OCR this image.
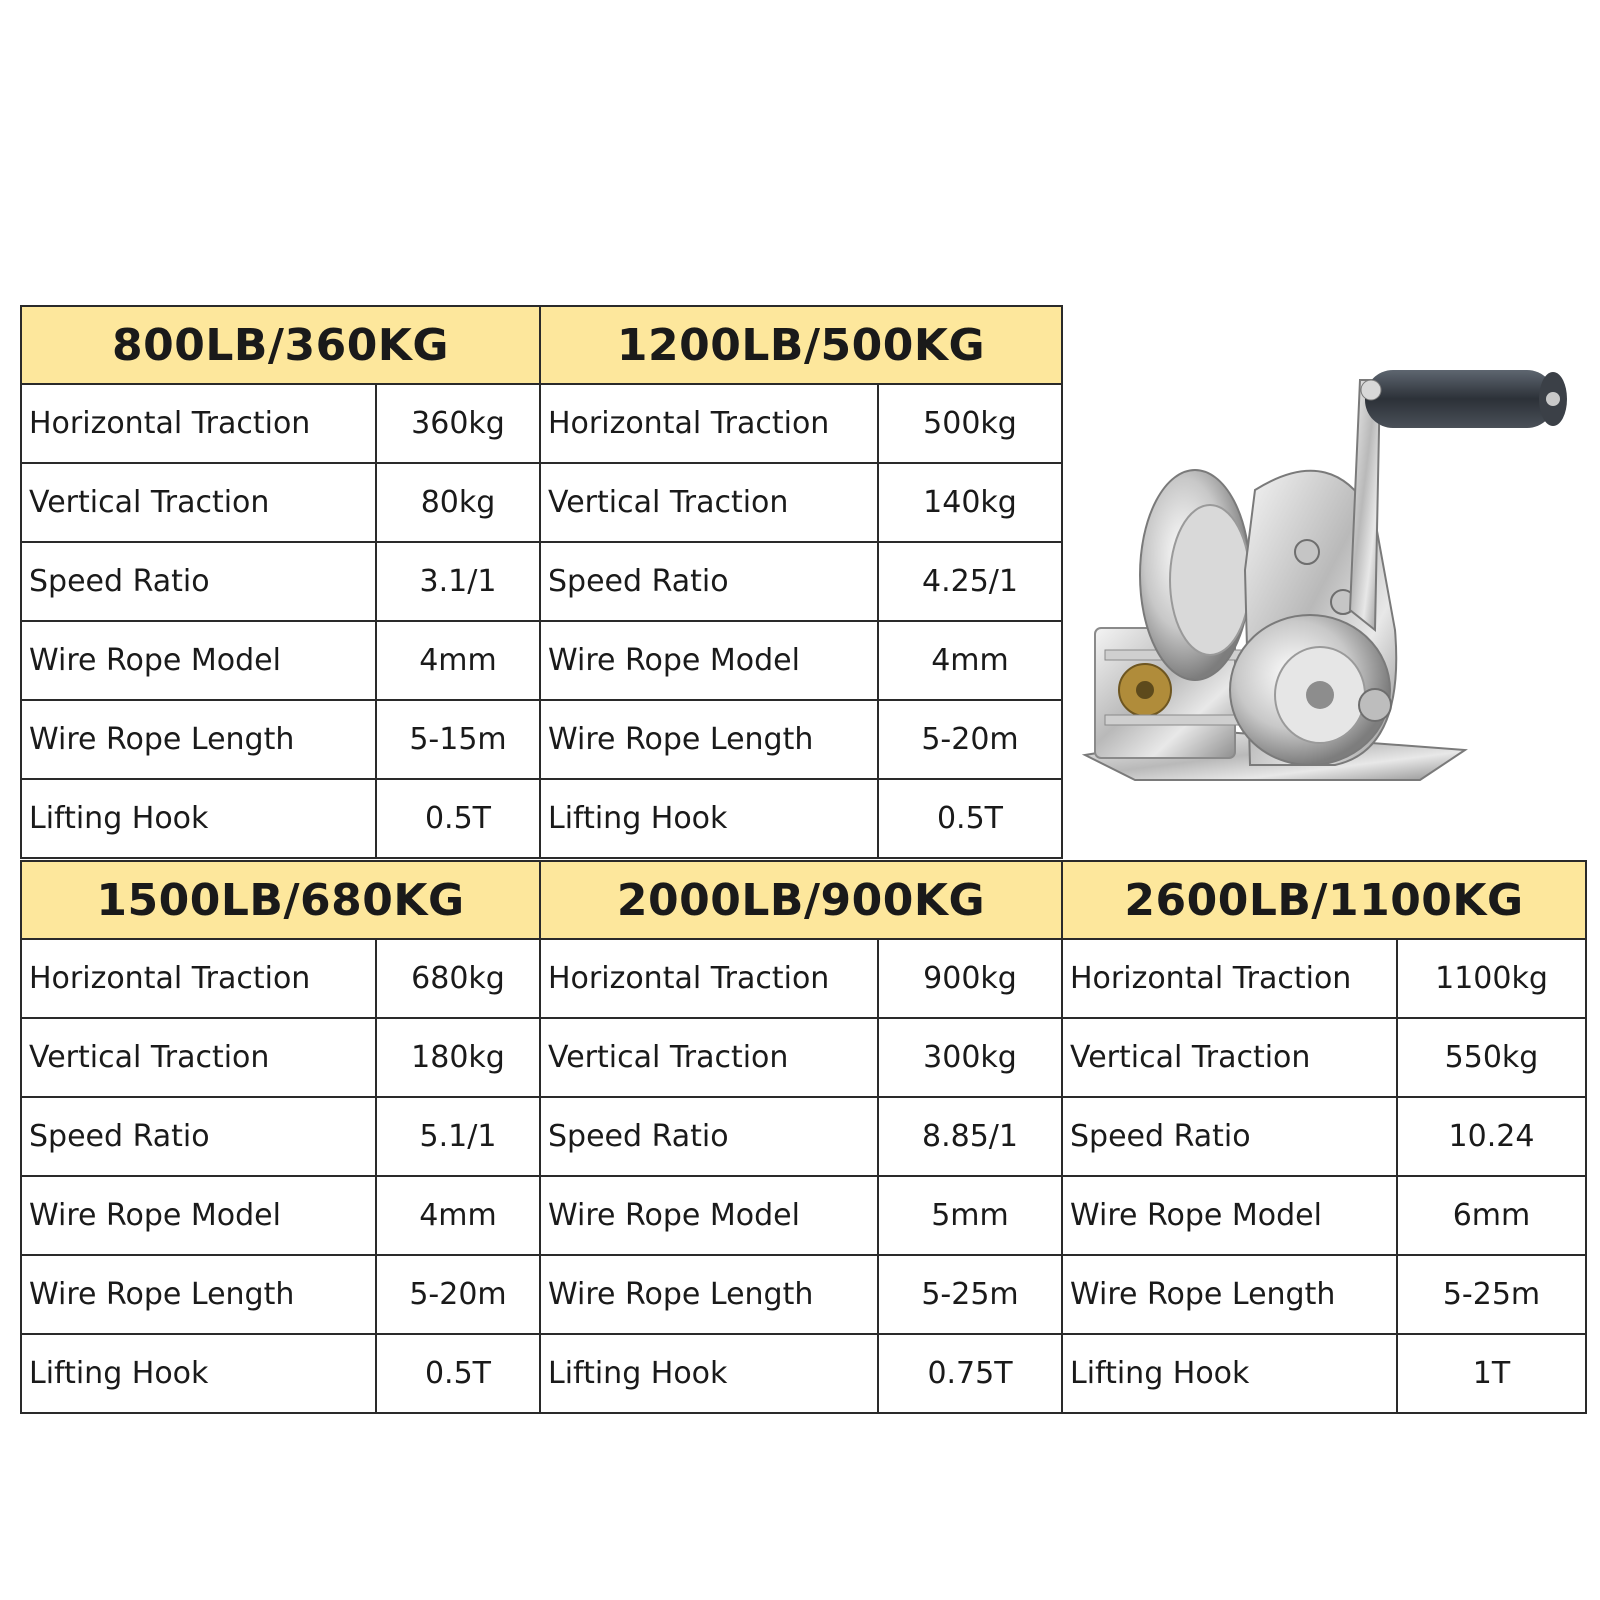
800LB/360KG	
Horizontal Traction	360kg
Vertical Traction	80kg
Speed Ratio	3.1/1
Wire Rope Model	4mm
Wire Rope Length	5-15m
Lifting Hook	0.5T
1200LB/500KG	
Horizontal Traction	500kg
Vertical Traction	140kg
Speed Ratio	4.25/1
Wire Rope Model	4mm
Wire Rope Length	5-20m
Lifting Hook	0.5T
1500LB/680KG	
Horizontal Traction	680kg
Vertical Traction	180kg
Speed Ratio	5.1/1
Wire Rope Model	4mm
Wire Rope Length	5-20m
Lifting Hook	0.5T
2000LB/900KG	
Horizontal Traction	900kg
Vertical Traction	300kg
Speed Ratio	8.85/1
Wire Rope Model	5mm
Wire Rope Length	5-25m
Lifting Hook	0.75T
2600LB/1100KG	
Horizontal Traction	1100kg
Vertical Traction	550kg
Speed Ratio	10.24
Wire Rope Model	6mm
Wire Rope Length	5-25m
Lifting Hook	1T
